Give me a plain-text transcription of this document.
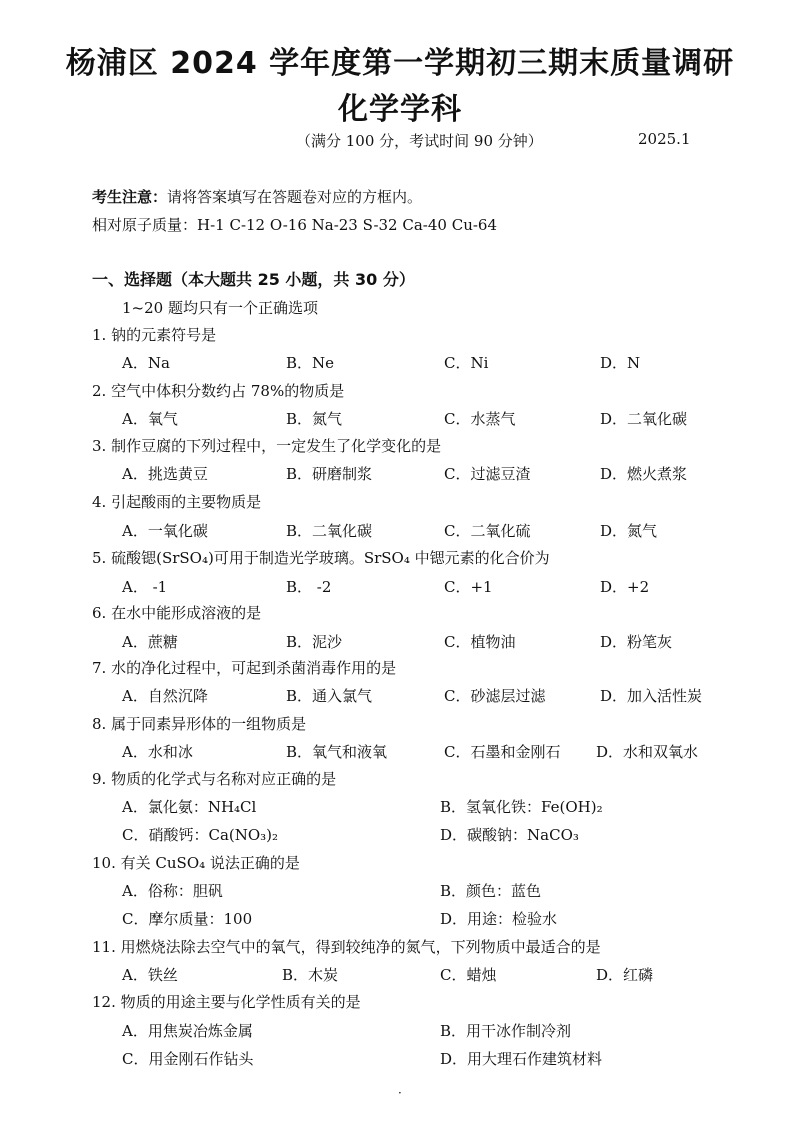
杨浦区 2024 学年度第一学期初三期末质量调研
化学学科
（满分 100 分，考试时间 90 分钟）	2025.1
考生注意：请将答案填写在答题卷对应的方框内。
相对原子质量：H-1 C-12 O-16 Na-23 S-32 Ca-40 Cu-64
一、选择题（本大题共 25 小题，共 30 分）
1~20 题均只有一个正确选项
1. 钠的元素符号是
A．Na	B．Ne	C．Ni	D．N
2. 空气中体积分数约占 78%的物质是
A．氧气	B．氮气	C．水蒸气	D．二氧化碳
3. 制作豆腐的下列过程中，一定发生了化学变化的是
A．挑选黄豆	B．研磨制浆	C．过滤豆渣	D．燃火煮浆
4. 引起酸雨的主要物质是
A．一氧化碳	B．二氧化碳	C．二氧化硫	D．氮气
5. 硫酸锶(SrSO₄)可用于制造光学玻璃。SrSO₄ 中锶元素的化合价为
A． -1	B． -2	C．+1	D．+2
6. 在水中能形成溶液的是
A．蔗糖	B．泥沙	C．植物油	D．粉笔灰
7. 水的净化过程中，可起到杀菌消毒作用的是
A．自然沉降	B．通入氯气	C．砂滤层过滤	D．加入活性炭
8. 属于同素异形体的一组物质是
A．水和冰	B．氧气和液氧	C．石墨和金刚石 D．水和双氧水
9. 物质的化学式与名称对应正确的是
A．氯化氨：NH₄Cl	B．氢氧化铁：Fe(OH)₂
C．硝酸钙：Ca(NO₃)₂	D．碳酸钠：NaCO₃
10. 有关 CuSO₄ 说法正确的是
A．俗称：胆矾	B．颜色：蓝色
C．摩尔质量：100	D．用途：检验水
11. 用燃烧法除去空气中的氧气，得到较纯净的氮气，下列物质中最适合的是
A．铁丝	B．木炭	C．蜡烛	D．红磷
12. 物质的用途主要与化学性质有关的是
A．用焦炭冶炼金属	B．用干冰作制冷剂
C．用金刚石作钻头	D．用大理石作建筑材料
·
